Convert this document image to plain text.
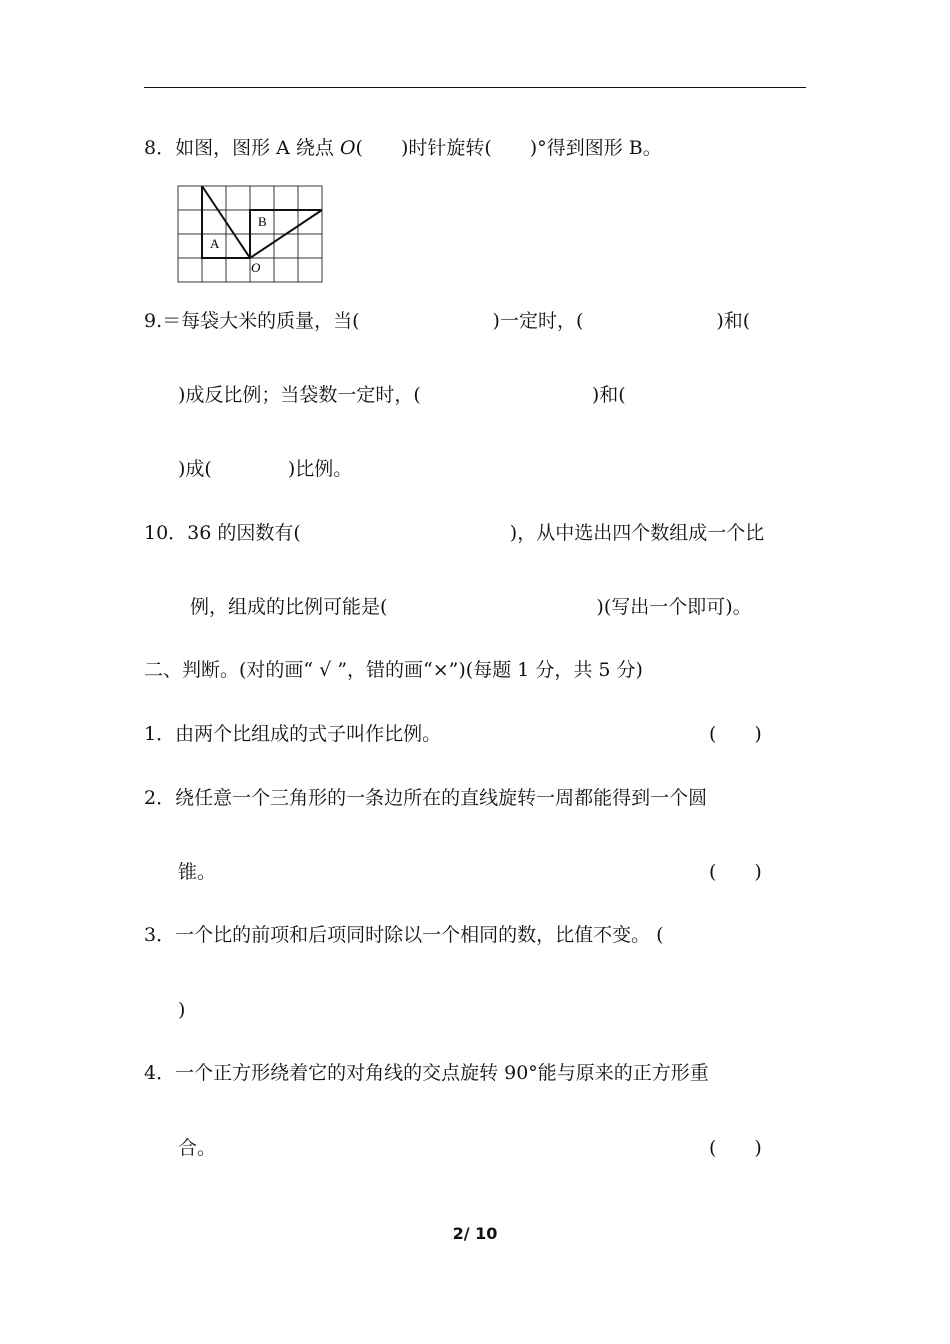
8．如图，图形 A 绕点 O(　　 )时针旋转(　　 )°得到图形 B。
A
B
O
9.＝每袋大米的质量，当(　　　　　　　)一定时，(　　　　　　　)和(
)成反比例；当袋数一定时，(　　　　　　　　　)和(
)成(　　　　)比例。
10．36 的因数有(　　　　　　　　　　　)，从中选出四个数组成一个比
例，组成的比例可能是(　　　　　　　　　　　)(写出一个即可)。
二、判断。(对的画“ √ ”，错的画“×”)(每题 1 分，共 5 分)
1．由两个比组成的式子叫作比例。	(　　)
2．绕任意一个三角形的一条边所在的直线旋转一周都能得到一个圆
锥。	(　　)
3．一个比的前项和后项同时除以一个相同的数，比值不变。 (
)
4．一个正方形绕着它的对角线的交点旋转 90°能与原来的正方形重
合。	(　　)
2/ 10
